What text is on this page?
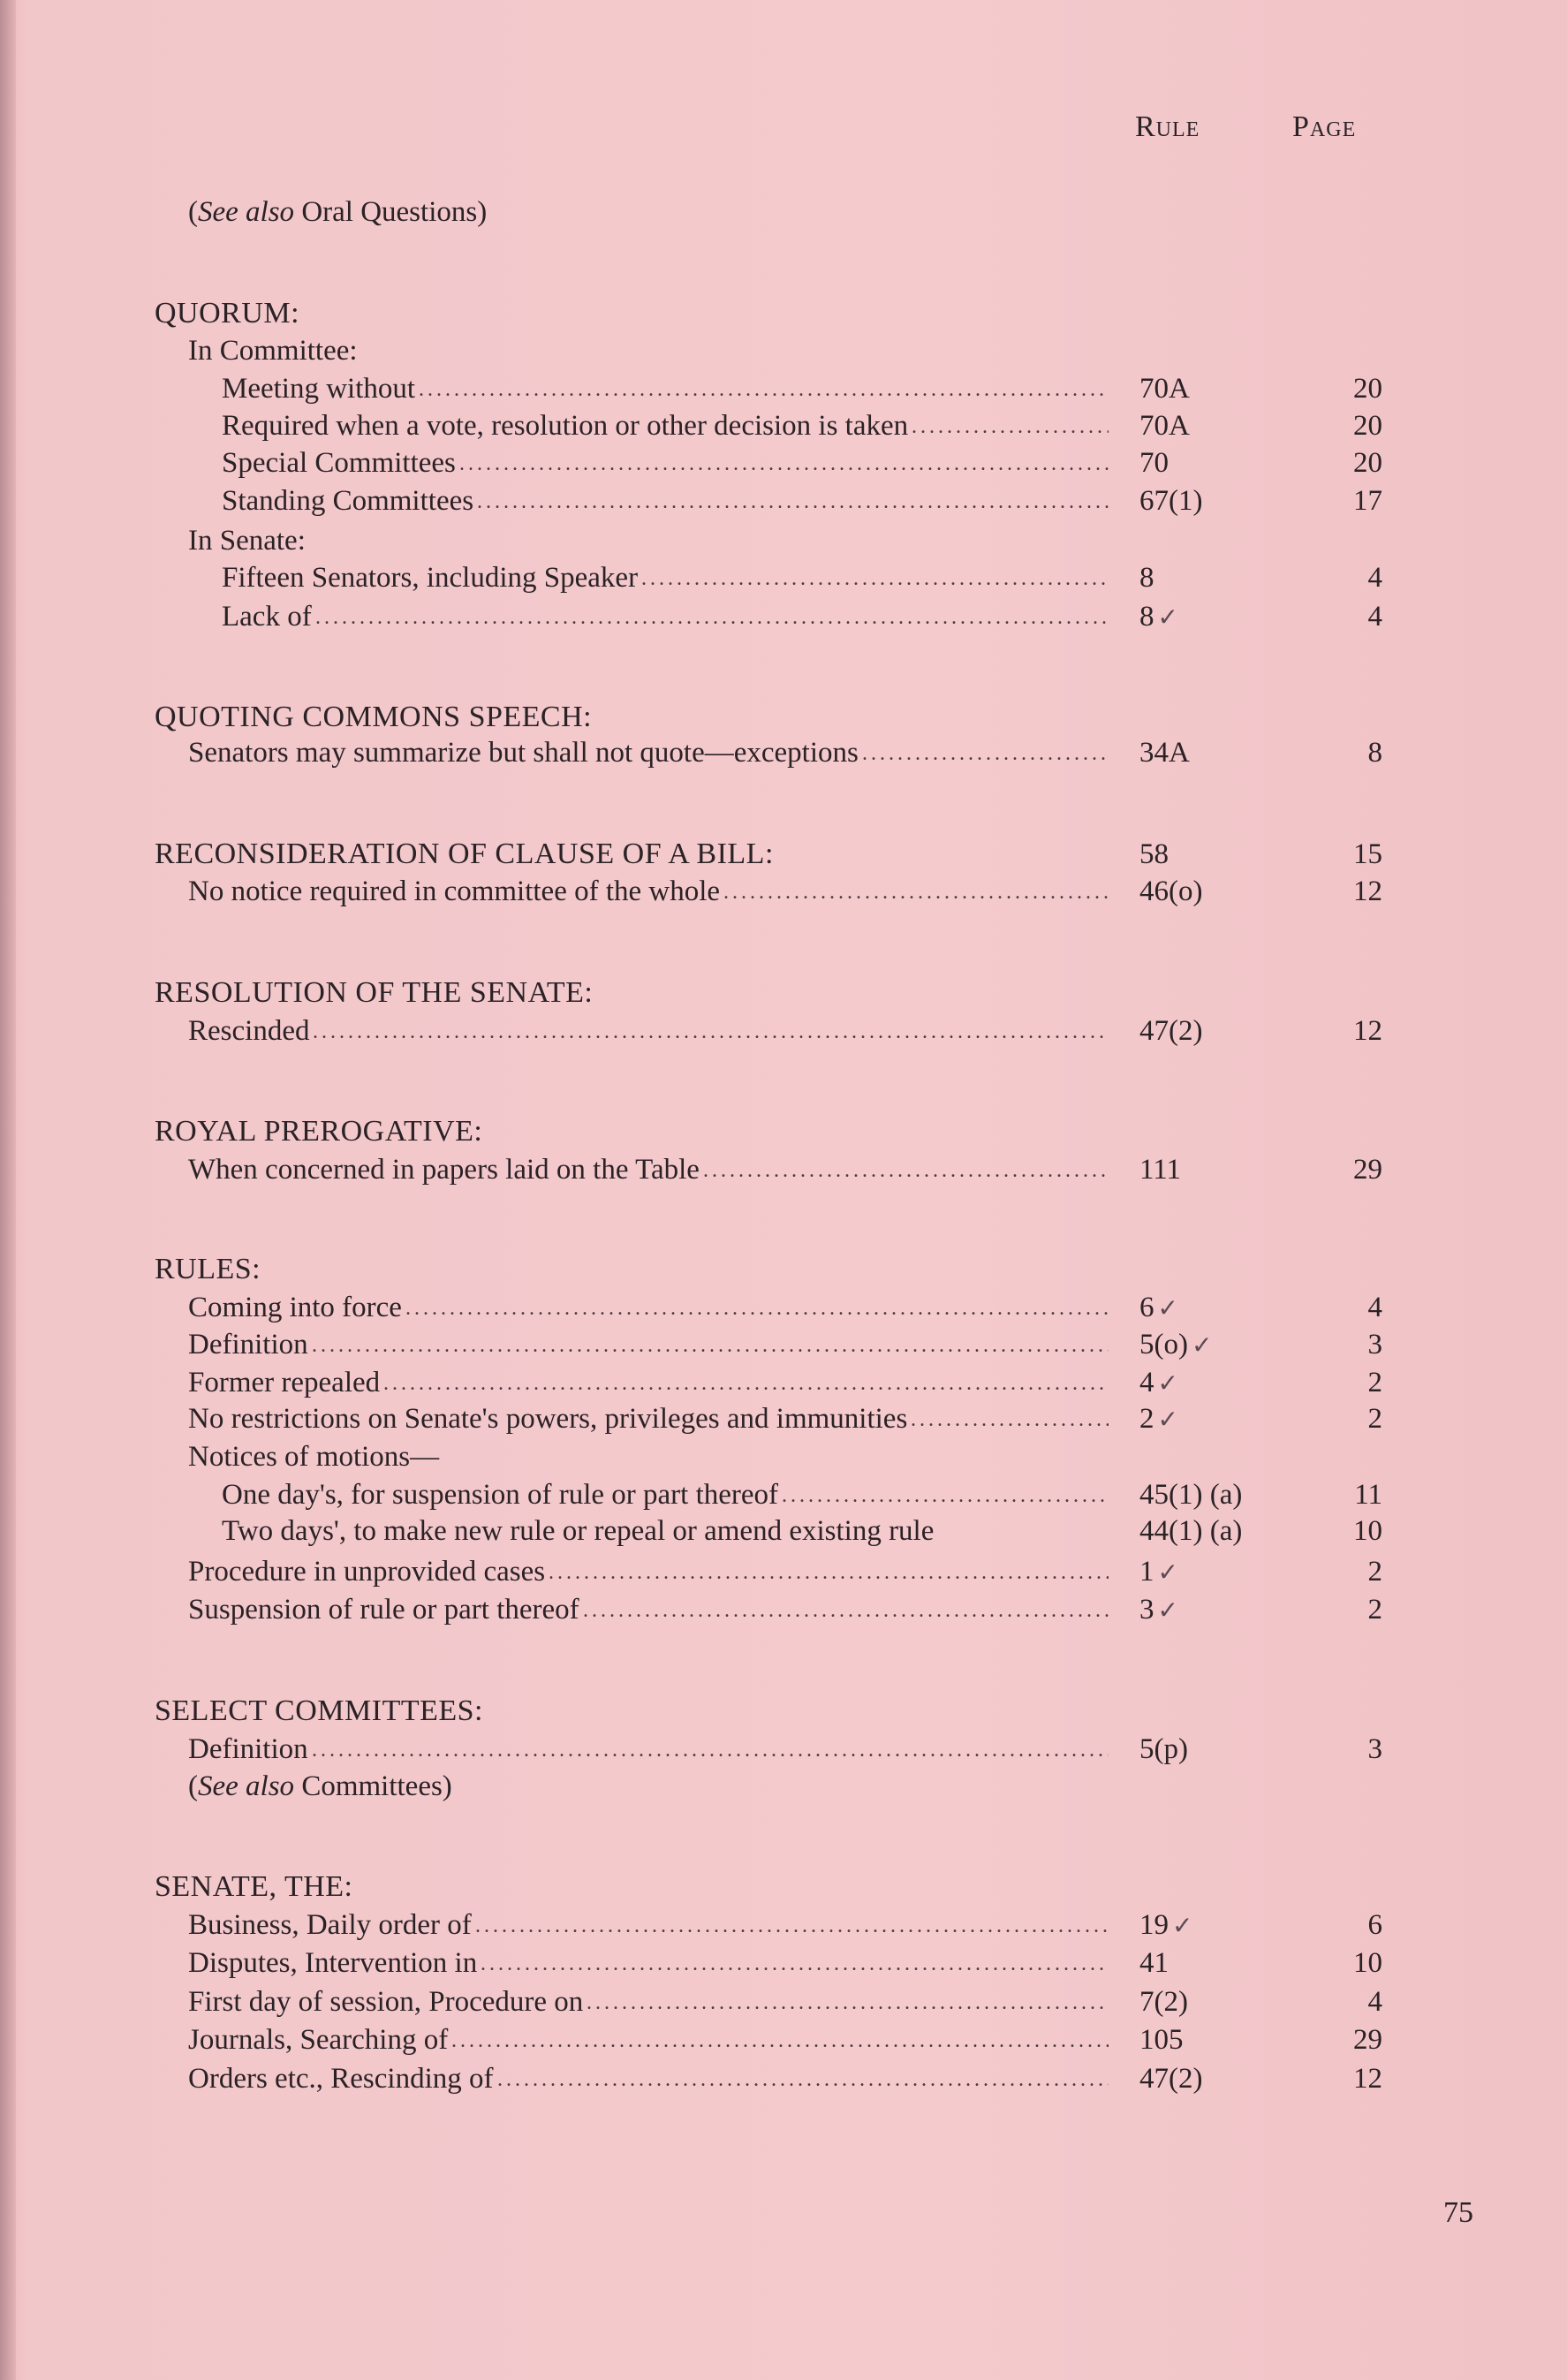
Rule	Page
(See also Oral Questions)
QUORUM:
In Committee:
Meeting without .....	70A	20
Required when a vote, resolution or other decision is taken .....	70A	20
Special Committees .....	70	20
Standing Committees .....	67(1)	17
In Senate:
Fifteen Senators, including Speaker .....	8	4
Lack of .....	8 ✓	4
QUOTING COMMONS SPEECH:
Senators may summarize but shall not quote—exceptions .....	34A	8
RECONSIDERATION OF CLAUSE OF A BILL:	58	15
No notice required in committee of the whole .....	46(o)	12
RESOLUTION OF THE SENATE:
Rescinded .....	47(2)	12
ROYAL PREROGATIVE:
When concerned in papers laid on the Table .....	111	29
RULES:
Coming into force .....	6 ✓	4
Definition .....	5(o) ✓	3
Former repealed .....	4 ✓	2
No restrictions on Senate's powers, privileges and immunities .....	2 ✓	2
Notices of motions—
One day's, for suspension of rule or part thereof .....	45(1) (a)	11
Two days', to make new rule or repeal or amend existing rule	44(1) (a)	10
Procedure in unprovided cases .....	1 ✓	2
Suspension of rule or part thereof .....	3 ✓	2
SELECT COMMITTEES:
Definition .....	5(p)	3
(See also Committees)
SENATE, THE:
Business, Daily order of .....	19 ✓	6
Disputes, Intervention in .....	41	10
First day of session, Procedure on .....	7(2)	4
Journals, Searching of .....	105	29
Orders etc., Rescinding of .....	47(2)	12
75
